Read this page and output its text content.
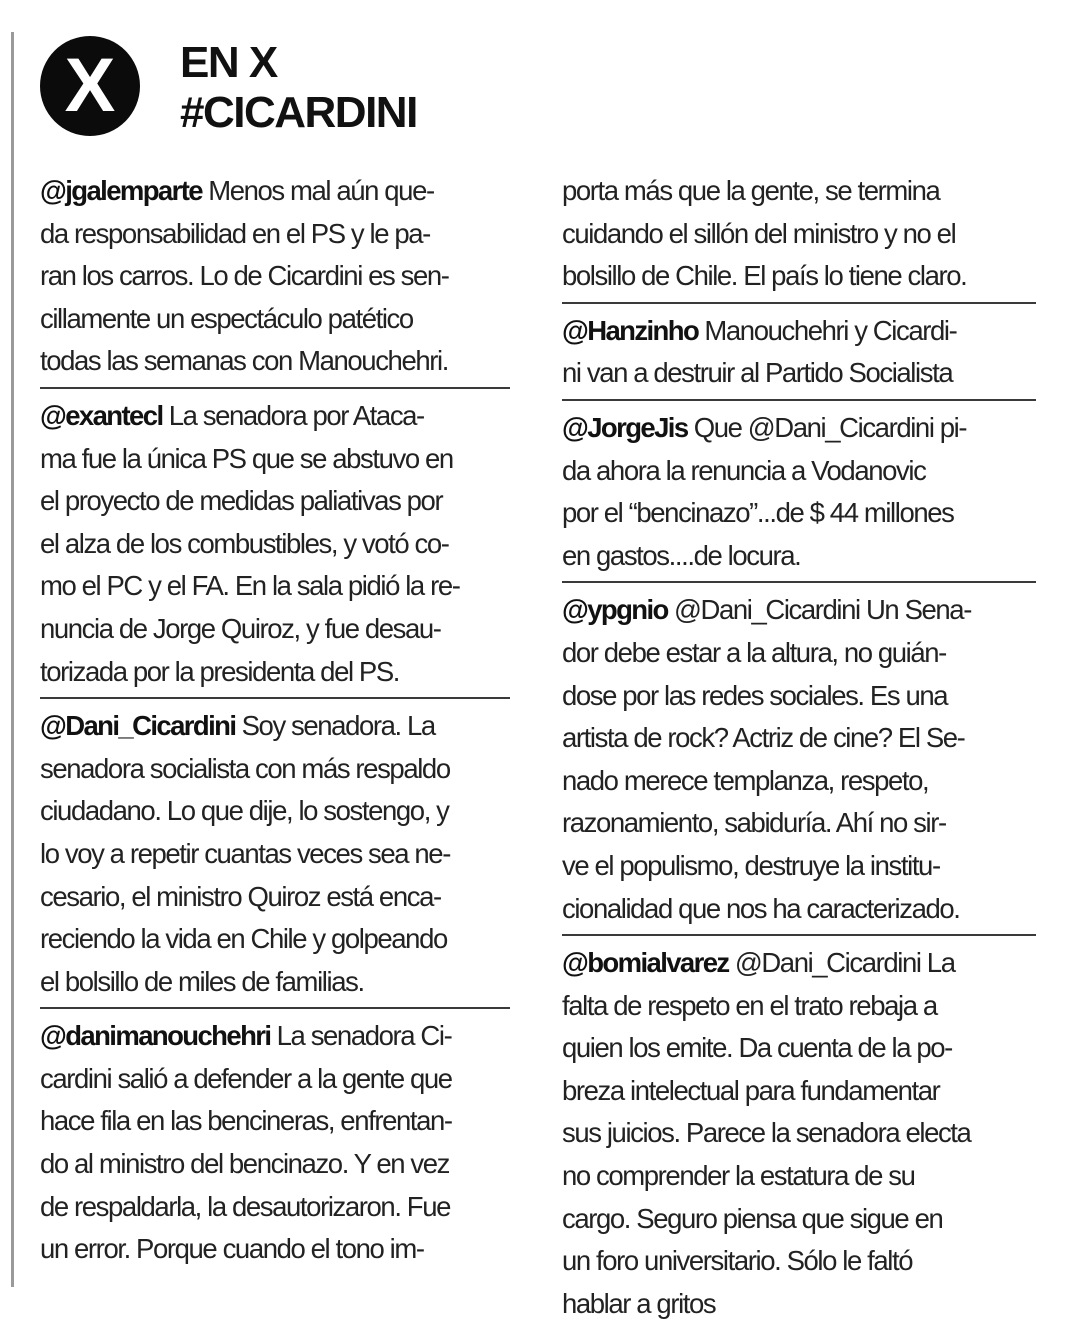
X EN X
#CICARDINI

@jgalemparte Menos mal aún que-
da responsabilidad en el PS y le pa-
ran los carros. Lo de Cicardini es sen-
cillamente un espectáculo patético
todas las semanas con Manouchehri.

@exantecl La senadora por Ataca-
ma fue la única PS que se abstuvo en
el proyecto de medidas paliativas por
el alza de los combustibles, y votó co-
mo el PC y el FA. En la sala pidió la re-
nuncia de Jorge Quiroz, y fue desau-
torizada por la presidenta del PS.

@Dani_Cicardini Soy senadora. La
senadora socialista con más respaldo
ciudadano. Lo que dije, lo sostengo, y
lo voy a repetir cuantas veces sea ne-
cesario, el ministro Quiroz está enca-
reciendo la vida en Chile y golpeando
el bolsillo de miles de familias.

@danimanouchehri La senadora Ci-
cardini salió a defender a la gente que
hace fila en las bencineras, enfrentan-
do al ministro del bencinazo. Y en vez
de respaldarla, la desautorizaron. Fue
un error. Porque cuando el tono im-

porta más que la gente, se termina
cuidando el sillón del ministro y no el
bolsillo de Chile. El país lo tiene claro.

@Hanzinho Manouchehri y Cicardi-
ni van a destruir al Partido Socialista

@JorgeJis Que @Dani_Cicardini pi-
da ahora la renuncia a Vodanovic
por el “bencinazo”...de $ 44 millones
en gastos....de locura.

@ypgnio @Dani_Cicardini Un Sena-
dor debe estar a la altura, no guián-
dose por las redes sociales. Es una
artista de rock? Actriz de cine? El Se-
nado merece templanza, respeto,
razonamiento, sabiduría. Ahí no sir-
ve el populismo, destruye la institu-
cionalidad que nos ha caracterizado.

@bomialvarez @Dani_Cicardini La
falta de respeto en el trato rebaja a
quien los emite. Da cuenta de la po-
breza intelectual para fundamentar
sus juicios. Parece la senadora electa
no comprender la estatura de su
cargo. Seguro piensa que sigue en
un foro universitario. Sólo le faltó
hablar a gritos
